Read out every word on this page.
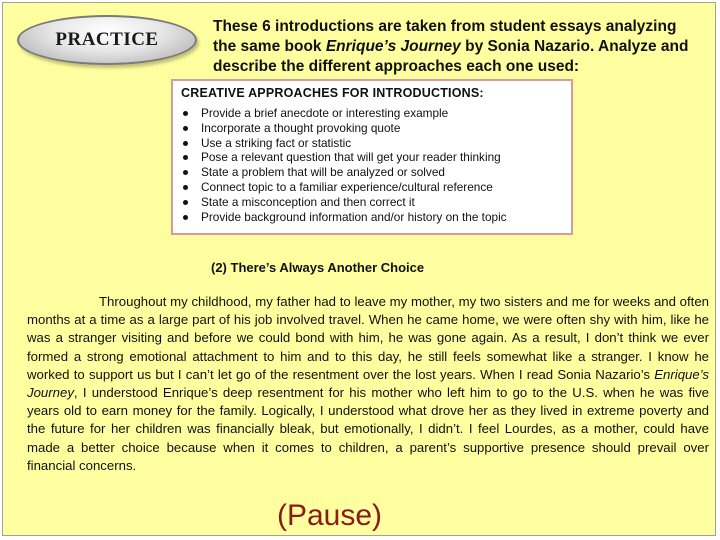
PRACTICE
These 6 introductions are taken from student essays analyzing the same book Enrique’s Journey by Sonia Nazario. Analyze and describe the different approaches each one used:
CREATIVE APPROACHES FOR INTRODUCTIONS:
Provide a brief anecdote or interesting example
Incorporate a thought provoking quote
Use a striking fact or statistic
Pose a relevant question that will get your reader thinking
State a problem that will be analyzed or solved
Connect topic to a familiar experience/cultural reference
State a misconception and then correct it
Provide background information and/or history on the topic
(2) There’s Always Another Choice
Throughout my childhood, my father had to leave my mother, my two sisters and me for weeks and often months at a time as a large part of his job involved travel. When he came home, we were often shy with him, like he was a stranger visiting and before we could bond with him, he was gone again. As a result, I don’t think we ever formed a strong emotional attachment to him and to this day, he still feels somewhat like a stranger. I know he worked to support us but I can’t let go of the resentment over the lost years. When I read Sonia Nazario’s Enrique’s Journey, I understood Enrique’s deep resentment for his mother who left him to go to the U.S. when he was five years old to earn money for the family. Logically, I understood what drove her as they lived in extreme poverty and the future for her children was financially bleak, but emotionally, I didn’t. I feel Lourdes, as a mother, could have made a better choice because when it comes to children, a parent’s supportive presence should prevail over financial concerns.
(Pause)
